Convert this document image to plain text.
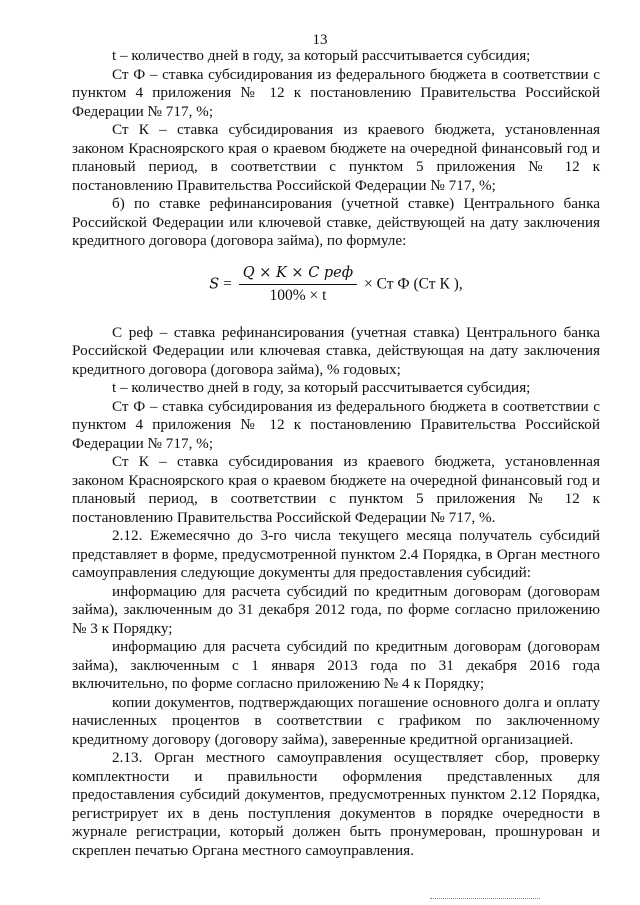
13

t – количество дней в году, за который рассчитывается субсидия;

Ст Ф – ставка субсидирования из федерального бюджета в соответствии с пунктом 4 приложения № 12 к постановлению Правительства Российской Федерации № 717, %;

Ст К – ставка субсидирования из краевого бюджета, установленная законом Красноярского края о краевом бюджете на очередной финансовый год и плановый период, в соответствии с пунктом 5 приложения № 12 к постановлению Правительства Российской Федерации № 717, %;

б) по ставке рефинансирования (учетной ставке) Центрального банка Российской Федерации или ключевой ставке, действующей на дату заключения кредитного договора (договора займа), по формуле:

$S = \frac{\text{Q × K × C реф}}{100\% \times t}$ × Ст Ф (Ст К ),

С реф – ставка рефинансирования (учетная ставка) Центрального банка Российской Федерации или ключевая ставка, действующая на дату заключения кредитного договора (договора займа), % годовых;

t – количество дней в году, за который рассчитывается субсидия;

Ст Ф – ставка субсидирования из федерального бюджета в соответствии с пунктом 4 приложения № 12 к постановлению Правительства Российской Федерации № 717, %;

Ст К – ставка субсидирования из краевого бюджета, установленная законом Красноярского края о краевом бюджете на очередной финансовый год и плановый период, в соответствии с пунктом 5 приложения № 12 к постановлению Правительства Российской Федерации № 717, %.

2.12. Ежемесячно до 3-го числа текущего месяца получатель субсидий представляет в форме, предусмотренной пунктом 2.4 Порядка, в Орган местного самоуправления следующие документы для предоставления субсидий:

информацию для расчета субсидий по кредитным договорам (договорам займа), заключенным до 31 декабря 2012 года, по форме согласно приложению № 3 к Порядку;

информацию для расчета субсидий по кредитным договорам (договорам займа), заключенным с 1 января 2013 года по 31 декабря 2016 года включительно, по форме согласно приложению № 4 к Порядку;

копии документов, подтверждающих погашение основного долга и оплату начисленных процентов в соответствии с графиком по заключенному кредитному договору (договору займа), заверенные кредитной организацией.

2.13. Орган местного самоуправления осуществляет сбор, проверку комплектности и правильности оформления представленных для предоставления субсидий документов, предусмотренных пунктом 2.12 Порядка, регистрирует их в день поступления документов в порядке очередности в журнале регистрации, который должен быть пронумерован, прошнурован и скреплен печатью Органа местного самоуправления.
